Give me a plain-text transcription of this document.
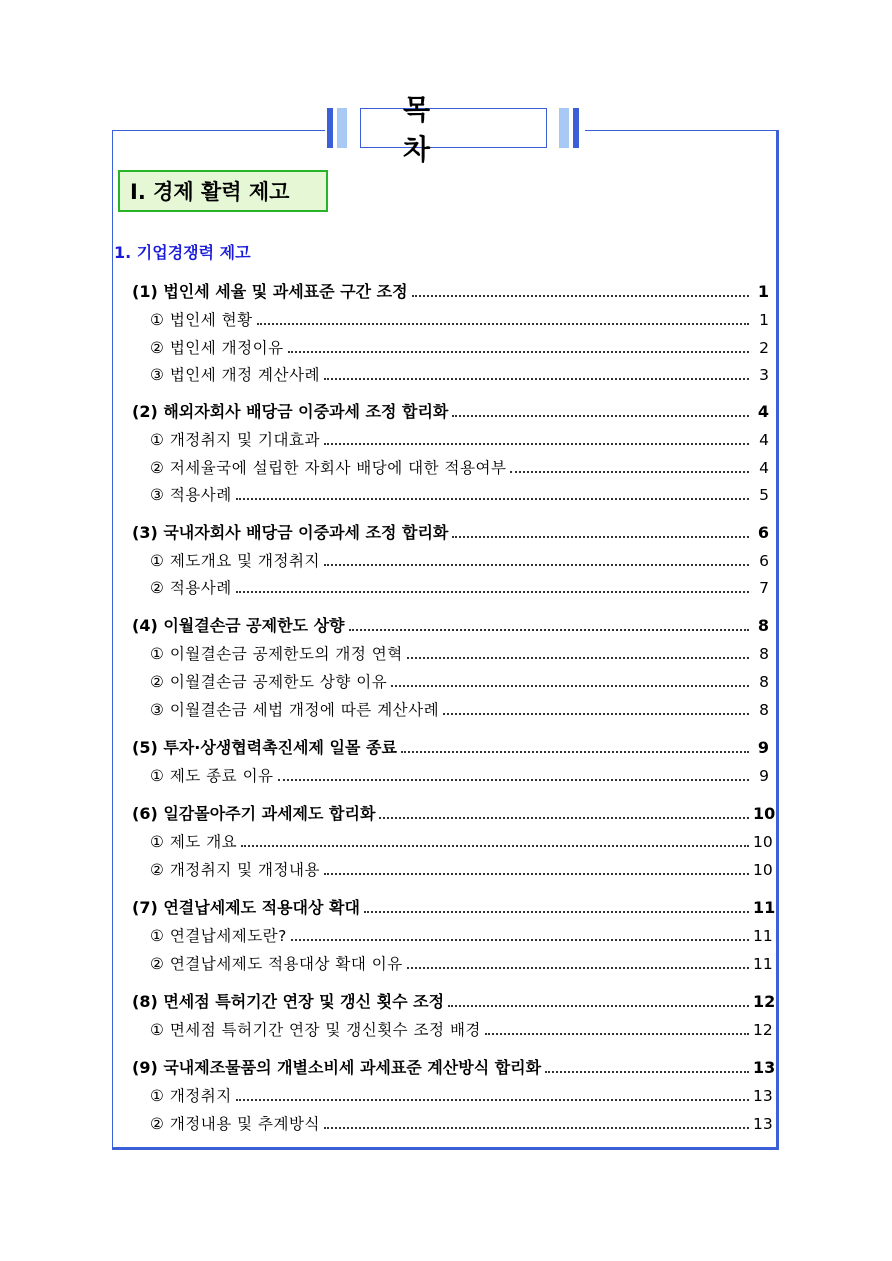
목 차
Ⅰ. 경제 활력 제고
1. 기업경쟁력 제고
(1) 법인세 세율 및 과세표준 구간 조정	1
① 법인세 현황	1
② 법인세 개정이유	2
③ 법인세 개정 계산사례	3
(2) 해외자회사 배당금 이중과세 조정 합리화	4
① 개정취지 및 기대효과	4
② 저세율국에 설립한 자회사 배당에 대한 적용여부	4
③ 적용사례	5
(3) 국내자회사 배당금 이중과세 조정 합리화	6
① 제도개요 및 개정취지	6
② 적용사례	7
(4) 이월결손금 공제한도 상향	8
① 이월결손금 공제한도의 개정 연혁	8
② 이월결손금 공제한도 상향 이유	8
③ 이월결손금 세법 개정에 따른 계산사례	8
(5) 투자·상생협력촉진세제 일몰 종료	9
① 제도 종료 이유	9
(6) 일감몰아주기 과세제도 합리화	10
① 제도 개요	10
② 개정취지 및 개정내용	10
(7) 연결납세제도 적용대상 확대	11
① 연결납세제도란?	11
② 연결납세제도 적용대상 확대 이유	11
(8) 면세점 특허기간 연장 및 갱신 횟수 조정	12
① 면세점 특허기간 연장 및 갱신횟수 조정 배경	12
(9) 국내제조물품의 개별소비세 과세표준 계산방식 합리화	13
① 개정취지	13
② 개정내용 및 추계방식	13
